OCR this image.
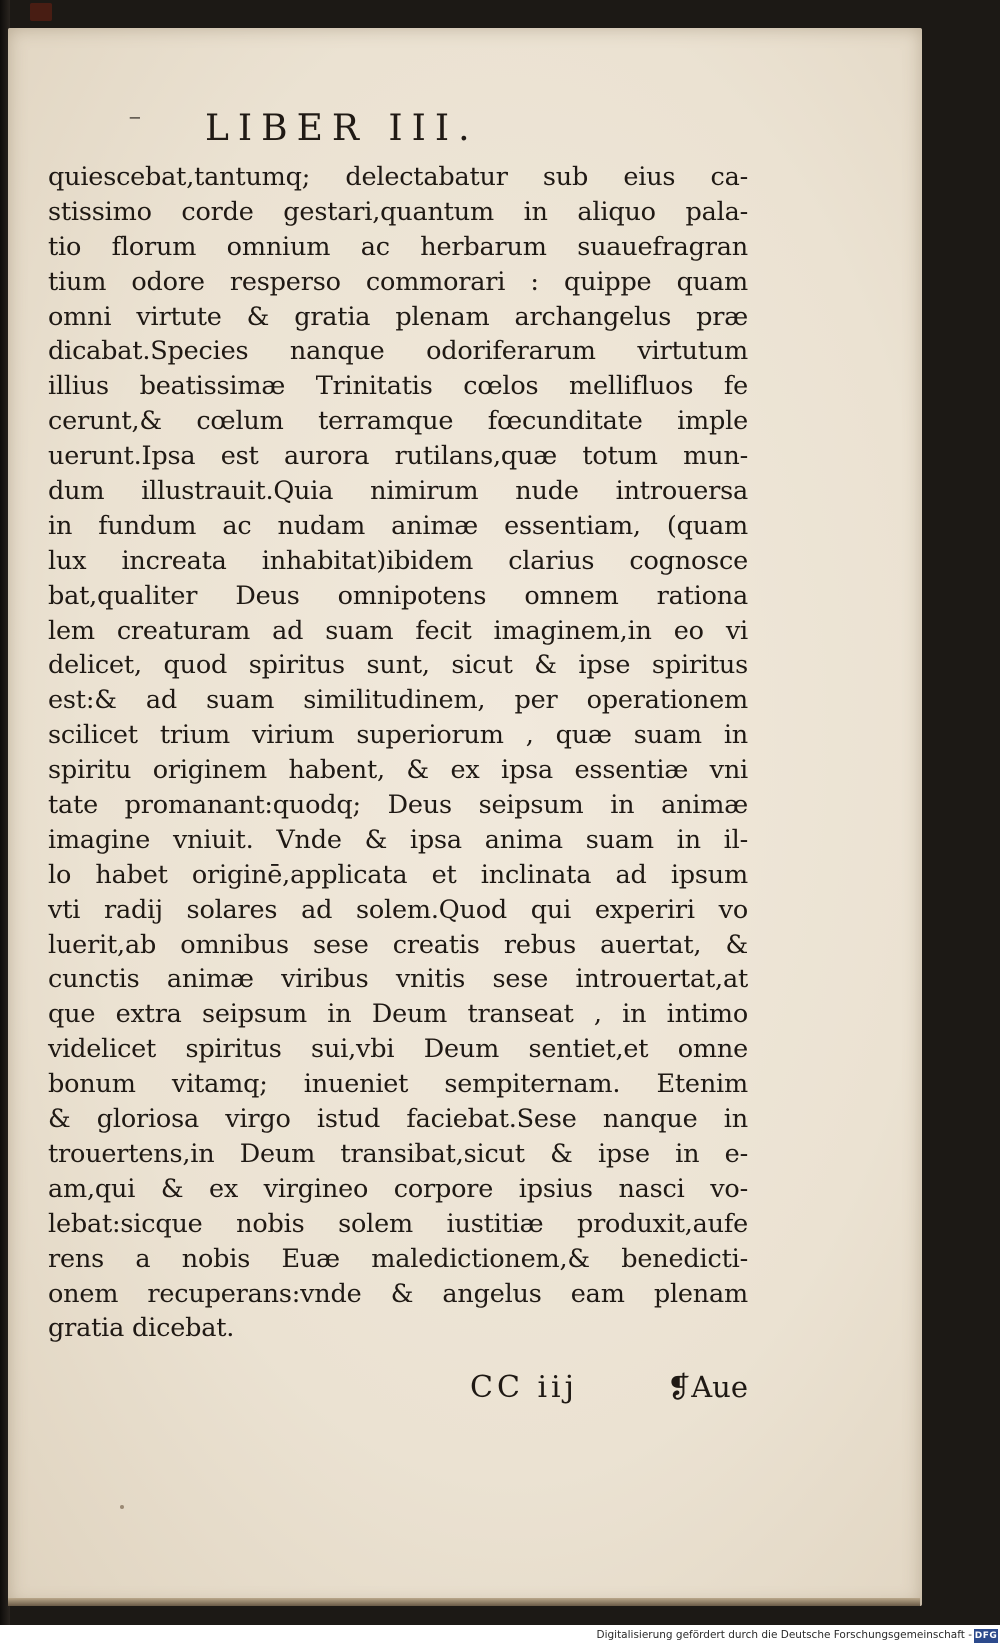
⁻ LIBER III.
quiescebat,tantumq; delectabatur sub eius ca-
stissimo corde gestari,quantum in aliquo pala-
tio florum omnium ac herbarum suauefragran
tium odore resperso commorari : quippe quam
omni virtute & gratia plenam archangelus præ
dicabat.Species nanque odoriferarum virtutum
illius beatissimæ Trinitatis cœlos mellifluos fe
cerunt,& cœlum terramque fœcunditate imple
uerunt.Ipsa est aurora rutilans,quæ totum mun-
dum illustrauit.Quia nimirum nude introuersa
in fundum ac nudam animæ essentiam, (quam
lux increata inhabitat)ibidem clarius cognosce
bat,qualiter Deus omnipotens omnem rationa
lem creaturam ad suam fecit imaginem,in eo vi
delicet, quod spiritus sunt, sicut & ipse spiritus
est:& ad suam similitudinem, per operationem
scilicet trium virium superiorum , quæ suam in
spiritu originem habent, & ex ipsa essentiæ vni
tate promanant:quodq; Deus seipsum in animæ
imagine vniuit. Vnde & ipsa anima suam in il-
lo habet originē,applicata et inclinata ad ipsum
vti radij solares ad solem.Quod qui experiri vo
luerit,ab omnibus sese creatis rebus auertat, &
cunctis animæ viribus vnitis sese introuertat,at
que extra seipsum in Deum transeat , in intimo
videlicet spiritus sui,vbi Deum sentiet,et omne
bonum vitamq; inueniet sempiternam. Etenim
& gloriosa virgo istud faciebat.Sese nanque in
trouertens,in Deum transibat,sicut & ipse in e-
am,qui & ex virgineo corpore ipsius nasci vo-
lebat:sicque nobis solem iustitiæ produxit,aufe
rens a nobis Euæ maledictionem,& benedicti-
onem recuperans:vnde & angelus eam plenam
gratia dicebat.
CC iij	❡Aue
Digitalisierung gefördert durch die Deutsche Forschungsgemeinschaft - DFG
